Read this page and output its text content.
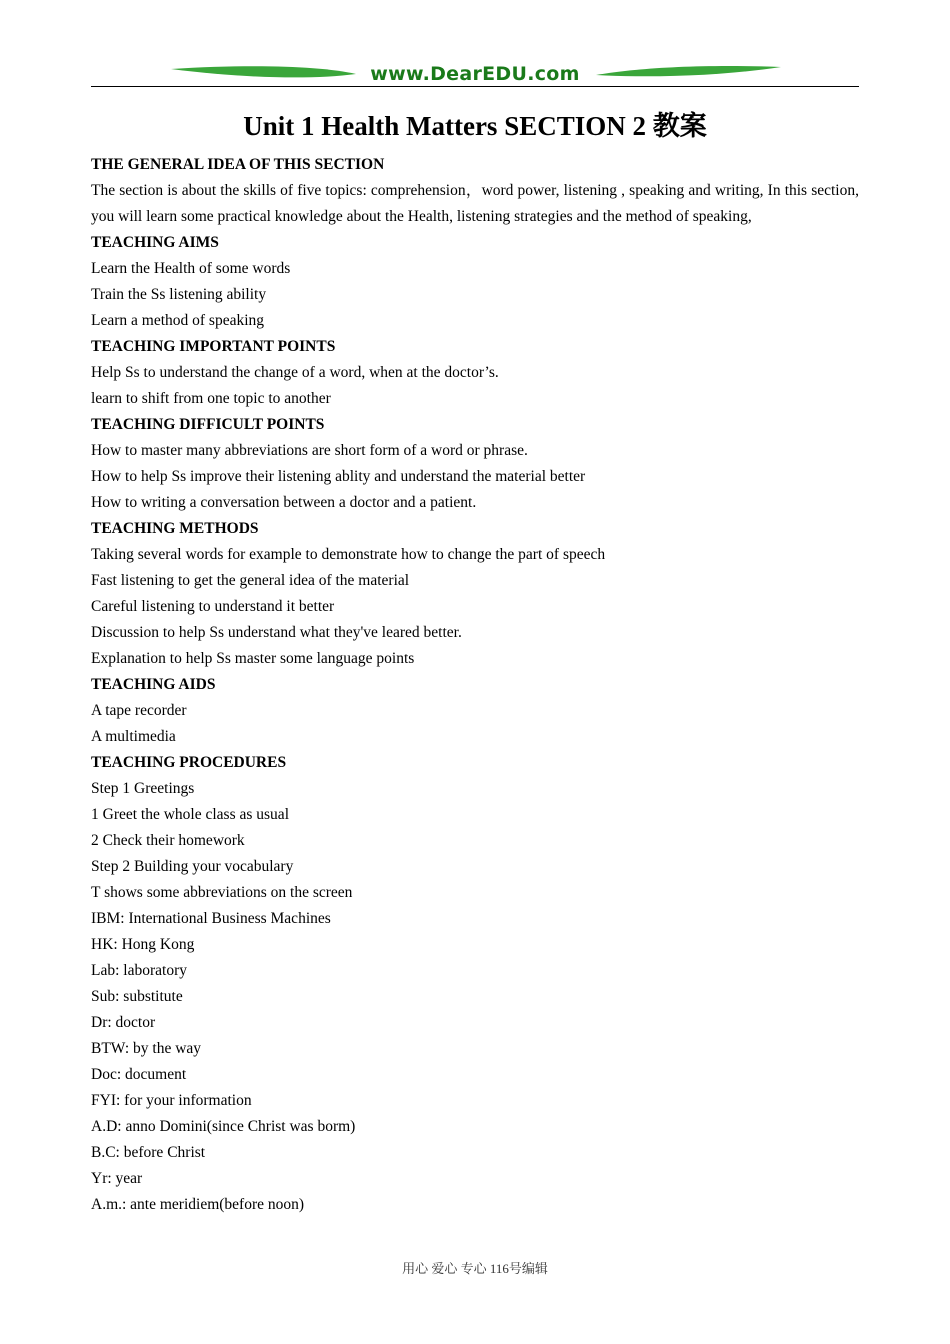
www.DearEDU.com
Unit 1 Health Matters SECTION 2 教案
THE GENERAL IDEA OF THIS SECTION
The section is about the skills of five topics: comprehension，word power, listening , speaking and writing, In this section, you will learn some practical knowledge about the Health, listening strategies and the method of speaking,
TEACHING AIMS
Learn the Health of some words
Train the Ss listening ability
Learn a method of speaking
TEACHING IMPORTANT POINTS
Help Ss to understand the change of a word, when at the doctor’s.
learn to shift from one topic to another
TEACHING DIFFICULT POINTS
How to master many abbreviations are short form of a word or phrase.
How to help Ss improve their listening ablity and understand the material better
How to writing a conversation between a doctor and a patient.
TEACHING METHODS
Taking several words for example to demonstrate how to change the part of speech
Fast listening to get the general idea of the material
Careful listening to understand it better
Discussion to help Ss understand what they've leared better.
Explanation to help Ss master some language points
TEACHING AIDS
A tape recorder
A multimedia
TEACHING PROCEDURES
Step 1 Greetings
1 Greet the whole class as usual
2 Check their homework
Step 2 Building your vocabulary
T shows some abbreviations on the screen
IBM: International Business Machines
HK: Hong Kong
Lab: laboratory
Sub: substitute
Dr: doctor
BTW: by the way
Doc: document
FYI: for your information
A.D: anno Domini(since Christ was borm)
B.C: before Christ
Yr: year
A.m.: ante meridiem(before noon)
用心 爱心 专心 116号编辑
